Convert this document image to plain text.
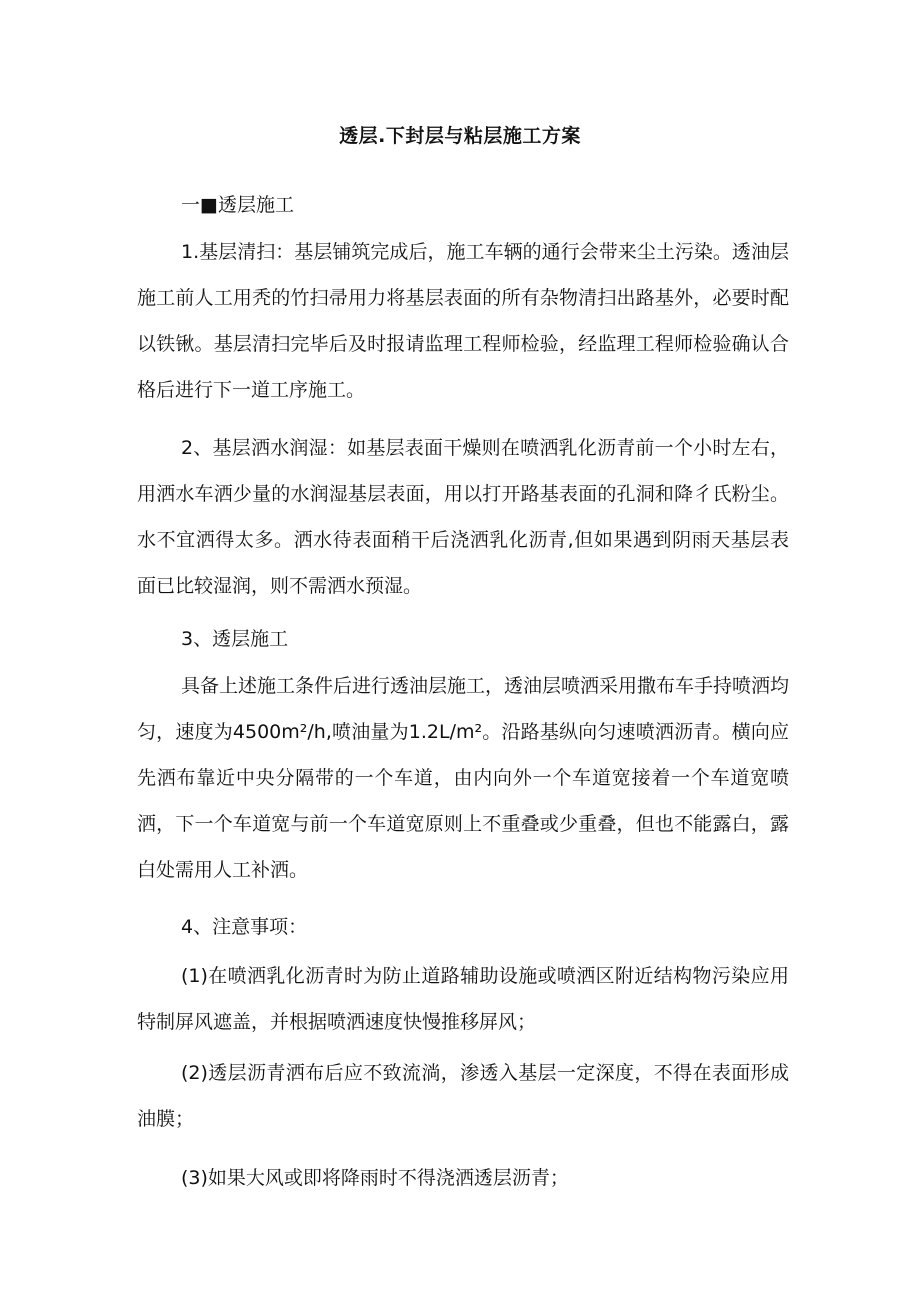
透层.下封层与粘层施工方案

一■透层施工

1.基层清扫：基层铺筑完成后，施工车辆的通行会带来尘土污染。透油层施工前人工用秃的竹扫帚用力将基层表面的所有杂物清扫出路基外，必要时配以铁锹。基层清扫完毕后及时报请监理工程师检验，经监理工程师检验确认合格后进行下一道工序施工。

2、基层洒水润湿：如基层表面干燥则在喷洒乳化沥青前一个小时左右，用洒水车洒少量的水润湿基层表面，用以打开路基表面的孔洞和降彳氏粉尘。水不宜洒得太多。洒水待表面稍干后浇洒乳化沥青,但如果遇到阴雨天基层表面已比较湿润，则不需洒水预湿。

3、透层施工

具备上述施工条件后进行透油层施工，透油层喷洒采用撒布车手持喷洒均匀，速度为4500m²∕h,喷油量为1.2L∕m²。沿路基纵向匀速喷洒沥青。横向应先洒布靠近中央分隔带的一个车道，由内向外一个车道宽接着一个车道宽喷洒，下一个车道宽与前一个车道宽原则上不重叠或少重叠，但也不能露白，露白处需用人工补洒。

4、注意事项：

(1)在喷洒乳化沥青时为防止道路辅助设施或喷洒区附近结构物污染应用特制屏风遮盖，并根据喷洒速度快慢推移屏风；

(2)透层沥青洒布后应不致流淌，渗透入基层一定深度，不得在表面形成油膜；

(3)如果大风或即将降雨时不得浇洒透层沥青；
